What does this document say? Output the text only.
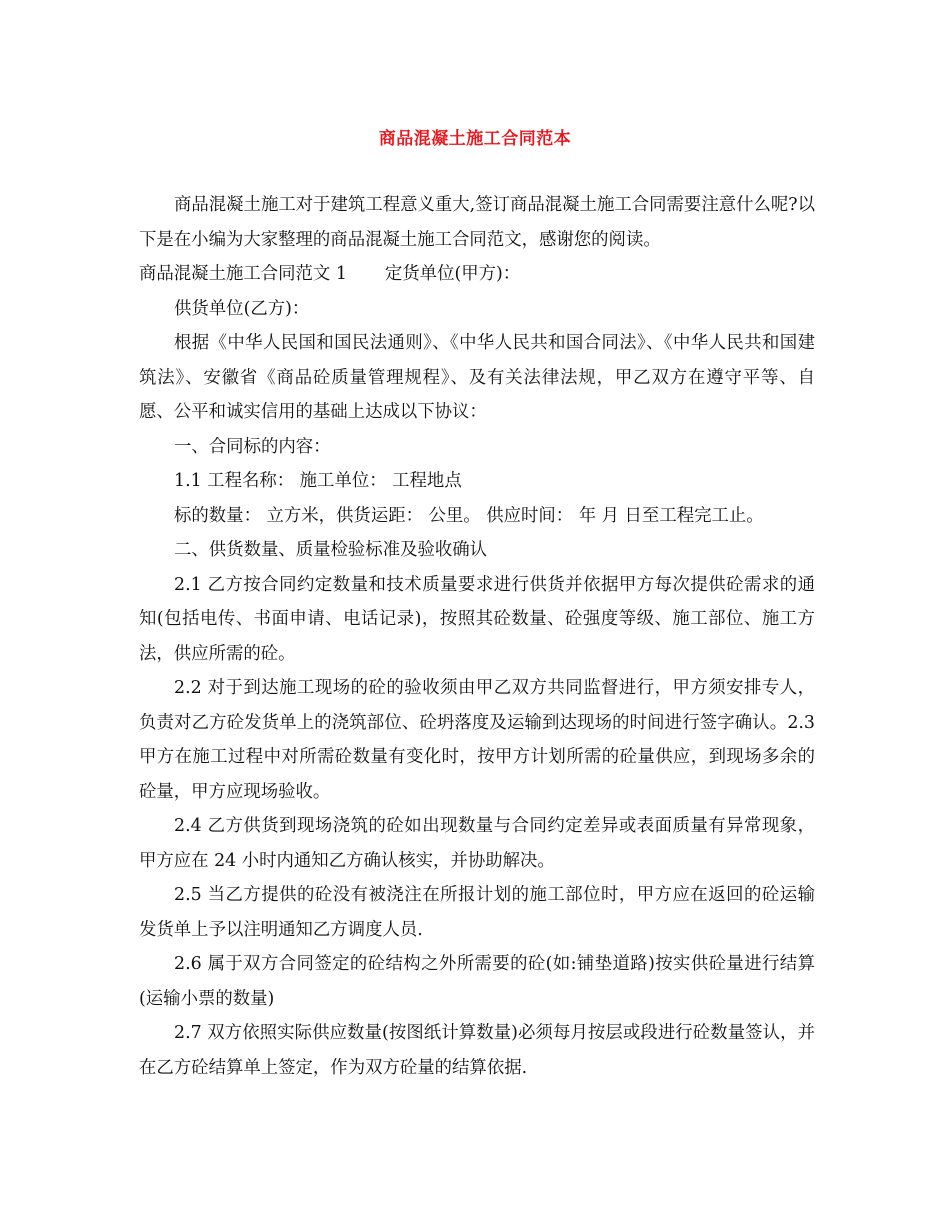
商品混凝土施工合同范本

商品混凝土施工对于建筑工程意义重大,签订商品混凝土施工合同需要注意什么呢?以下是在小编为大家整理的商品混凝土施工合同范文，感谢您的阅读。

商品混凝土施工合同范文 1 定货单位(甲方)：

供货单位(乙方)：

根据《中华人民国和国民法通则》、《中华人民共和国合同法》、《中华人民共和国建筑法》、安徽省《商品砼质量管理规程》、及有关法律法规，甲乙双方在遵守平等、自愿、公平和诚实信用的基础上达成以下协议：

一、合同标的内容：

1.1 工程名称： 施工单位： 工程地点

标的数量： 立方米，供货运距： 公里。 供应时间： 年 月 日至工程完工止。

二、供货数量、质量检验标准及验收确认

2.1 乙方按合同约定数量和技术质量要求进行供货并依据甲方每次提供砼需求的通知(包括电传、书面申请、电话记录)，按照其砼数量、砼强度等级、施工部位、施工方法，供应所需的砼。

2.2 对于到达施工现场的砼的验收须由甲乙双方共同监督进行，甲方须安排专人，负责对乙方砼发货单上的浇筑部位、砼坍落度及运输到达现场的时间进行签字确认。2.3 甲方在施工过程中对所需砼数量有变化时，按甲方计划所需的砼量供应，到现场多余的砼量，甲方应现场验收。

2.4 乙方供货到现场浇筑的砼如出现数量与合同约定差异或表面质量有异常现象，甲方应在 24 小时内通知乙方确认核实，并协助解决。

2.5 当乙方提供的砼没有被浇注在所报计划的施工部位时，甲方应在返回的砼运输发货单上予以注明通知乙方调度人员.

2.6 属于双方合同签定的砼结构之外所需要的砼(如:铺垫道路)按实供砼量进行结算(运输小票的数量)

2.7 双方依照实际供应数量(按图纸计算数量)必须每月按层或段进行砼数量签认，并在乙方砼结算单上签定，作为双方砼量的结算依据.
